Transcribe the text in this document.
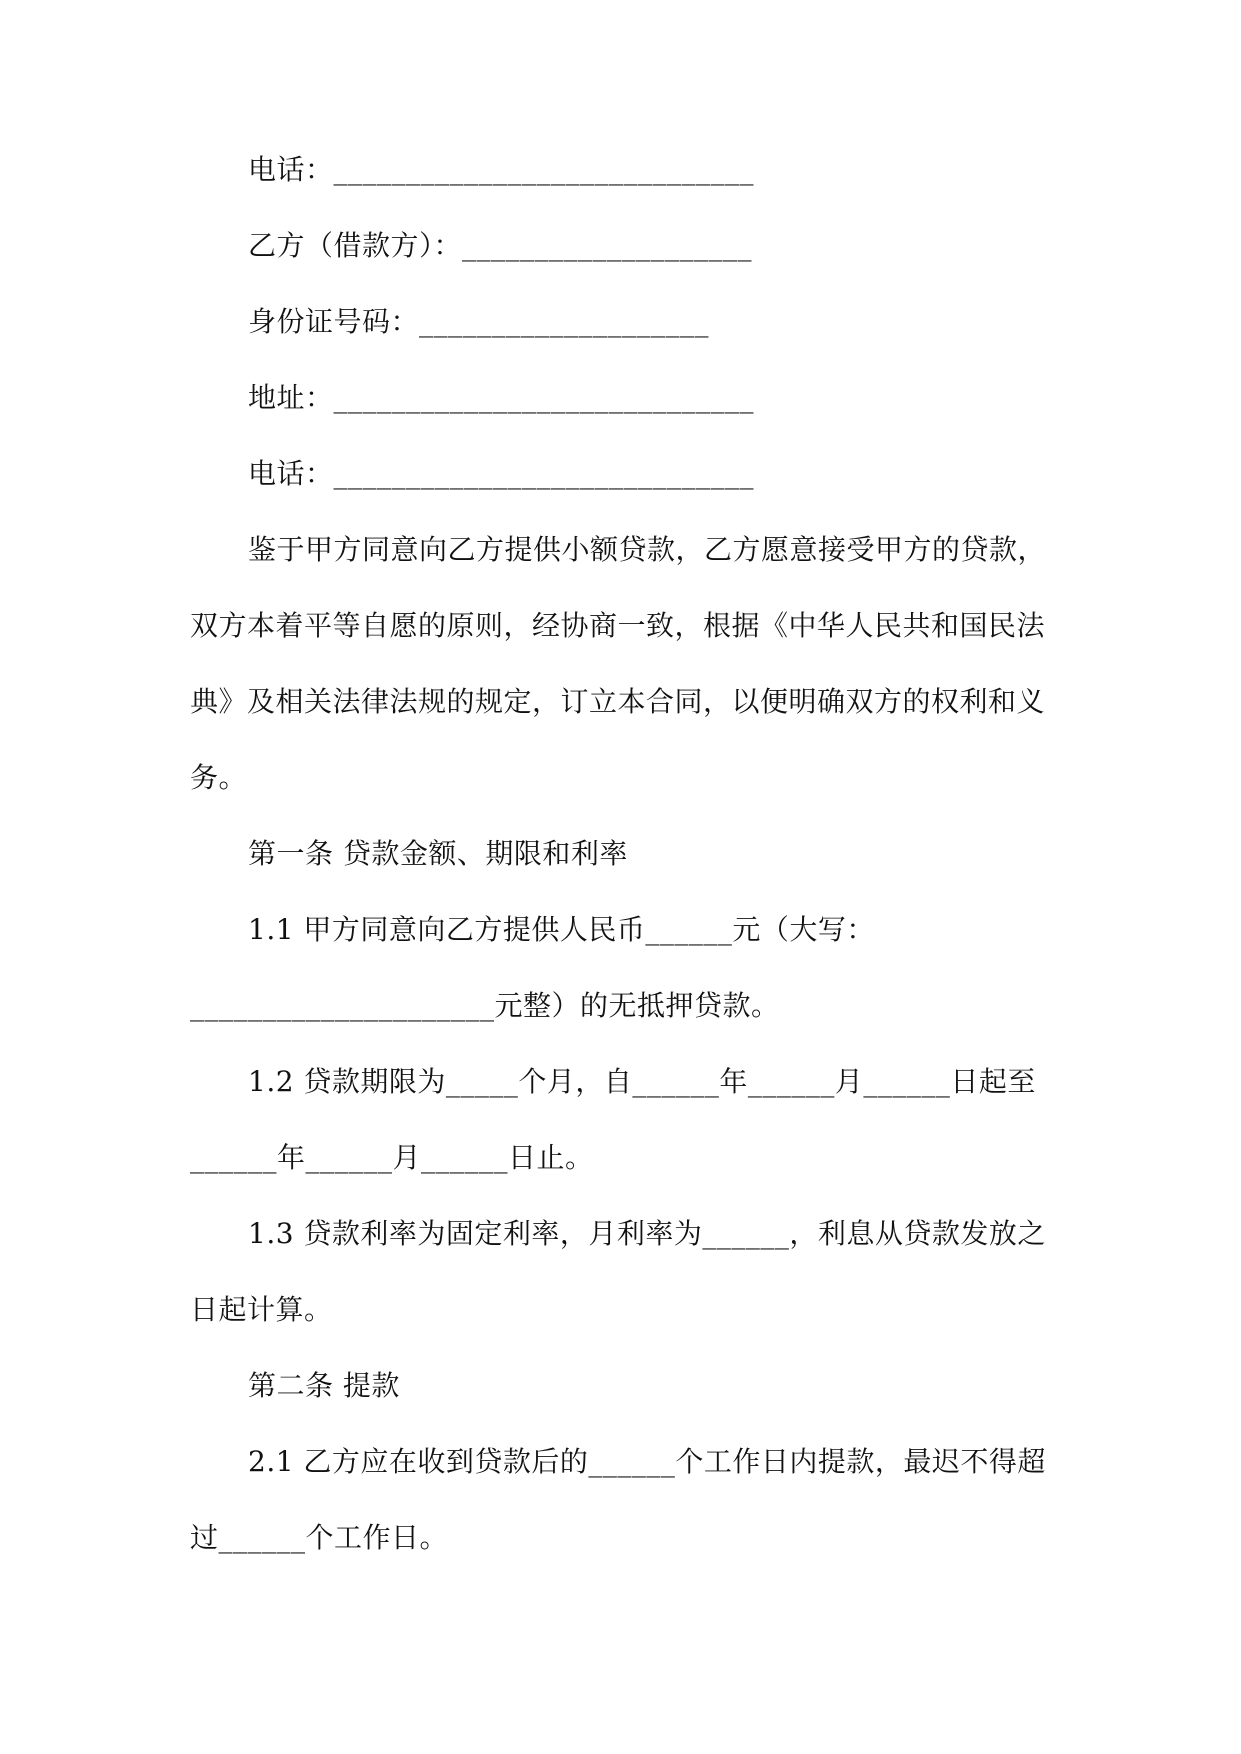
电话：_____________________________
乙方（借款方）：____________________
身份证号码：____________________
地址：_____________________________
电话：_____________________________
鉴于甲方同意向乙方提供小额贷款，乙方愿意接受甲方的贷款，
双方本着平等自愿的原则，经协商一致，根据《中华人民共和国民法
典》及相关法律法规的规定，订立本合同，以便明确双方的权利和义
务。
第一条 贷款金额、期限和利率
1.1 甲方同意向乙方提供人民币______元（大写：
_____________________元整）的无抵押贷款。
1.2 贷款期限为_____个月，自______年______月______日起至
______年______月______日止。
1.3 贷款利率为固定利率，月利率为______，利息从贷款发放之
日起计算。
第二条 提款
2.1 乙方应在收到贷款后的______个工作日内提款，最迟不得超
过______个工作日。
